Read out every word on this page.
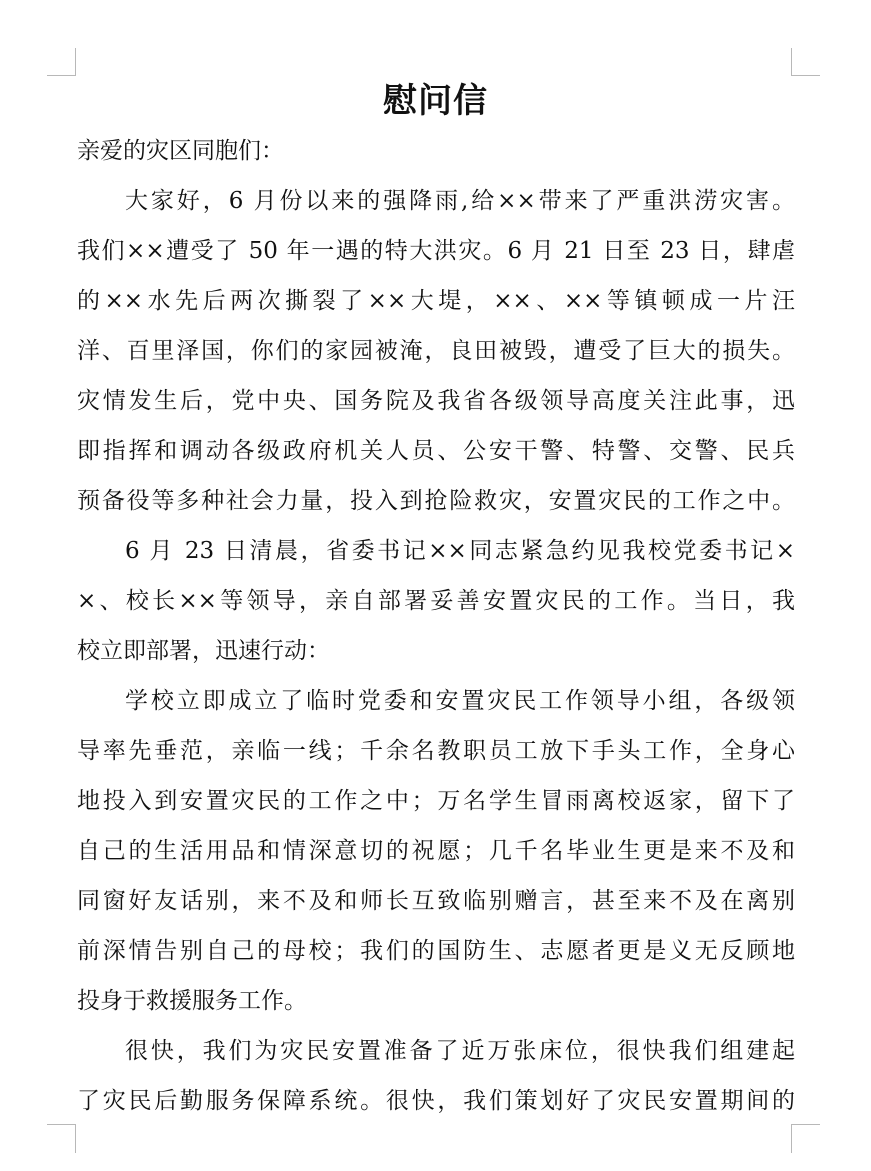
慰问信

亲爱的灾区同胞们：

大家好，6 月份以来的强降雨,给××带来了严重洪涝灾害。
我们××遭受了 50 年一遇的特大洪灾。6 月 21 日至 23 日，肆虐
的××水先后两次撕裂了××大堤，××、××等镇顿成一片汪
洋、百里泽国，你们的家园被淹，良田被毁，遭受了巨大的损失。
灾情发生后，党中央、国务院及我省各级领导高度关注此事，迅
即指挥和调动各级政府机关人员、公安干警、特警、交警、民兵
预备役等多种社会力量，投入到抢险救灾，安置灾民的工作之中。

6 月 23 日清晨，省委书记××同志紧急约见我校党委书记×
×、校长××等领导，亲自部署妥善安置灾民的工作。当日，我
校立即部署，迅速行动：

学校立即成立了临时党委和安置灾民工作领导小组，各级领
导率先垂范，亲临一线；千余名教职员工放下手头工作，全身心
地投入到安置灾民的工作之中；万名学生冒雨离校返家，留下了
自己的生活用品和情深意切的祝愿；几千名毕业生更是来不及和
同窗好友话别，来不及和师长互致临别赠言，甚至来不及在离别
前深情告别自己的母校；我们的国防生、志愿者更是义无反顾地
投身于救援服务工作。

很快，我们为灾民安置准备了近万张床位，很快我们组建起
了灾民后勤服务保障系统。很快，我们策划好了灾民安置期间的
